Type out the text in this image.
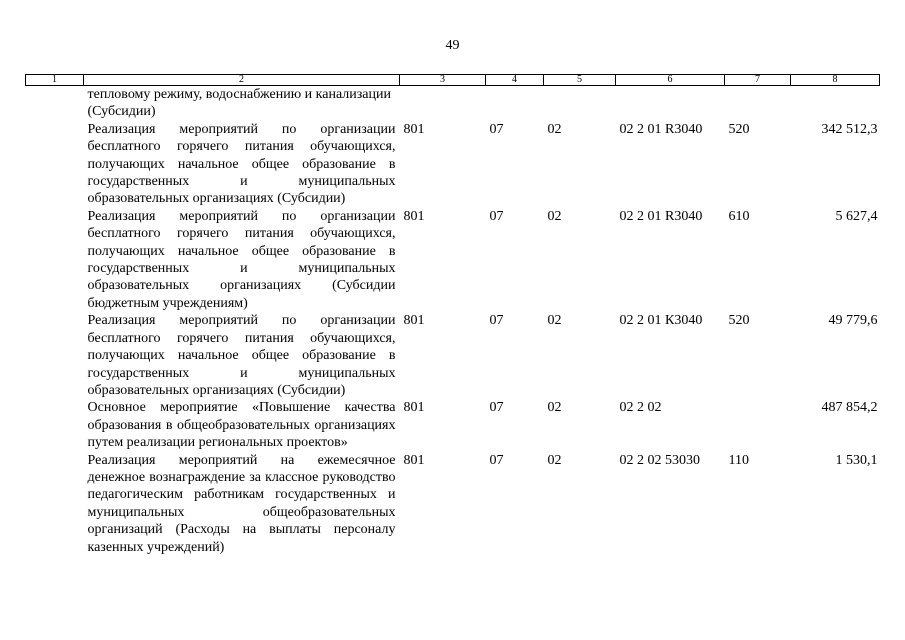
49
1	2	3	4	5	6	7	8
	тепловому режиму, водоснабжению и канализации (Субсидии)						
	Реализация мероприятий по организации бесплатного горячего питания обучающихся, получающих начальное общее образование в государственных и муниципальных образовательных организациях (Субсидии)	801	07	02	02 2 01 R3040	520	342 512,3
	Реализация мероприятий по организации бесплатного горячего питания обучающихся, получающих начальное общее образование в государственных и муниципальных образовательных организациях (Субсидии бюджетным учреждениям)	801	07	02	02 2 01 R3040	610	5 627,4
	Реализация мероприятий по организации бесплатного горячего питания обучающихся, получающих начальное общее образование в государственных и муниципальных образовательных организациях (Субсидии)	801	07	02	02 2 01 К3040	520	49 779,6
	Основное мероприятие «Повышение качества образования в общеобразовательных организациях путем реализации региональных проектов»	801	07	02	02 2 02		487 854,2
	Реализация мероприятий на ежемесячное денежное вознаграждение за классное руководство педагогическим работникам государственных и муниципальных общеобразовательных организаций (Расходы на выплаты персоналу казенных учреждений)	801	07	02	02 2 02 53030	110	1 530,1
